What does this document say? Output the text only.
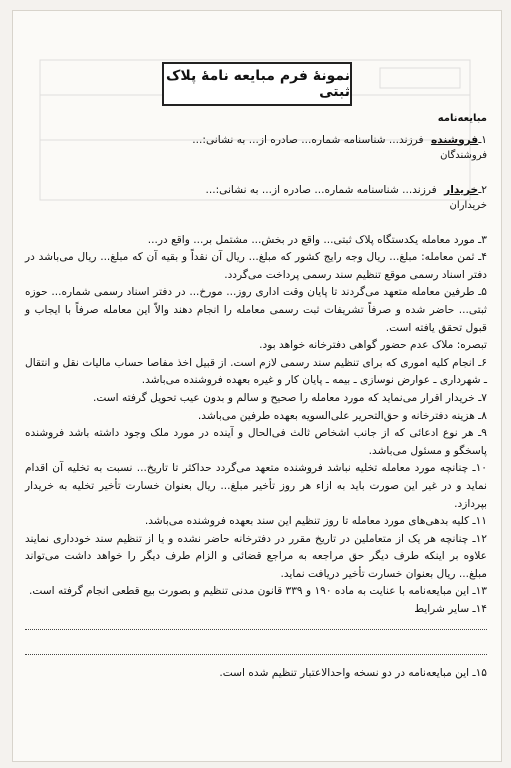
نمونهٔ فرم مبایعه نامهٔ پلاک ثبتی
مبایعه‌نامه
۱ـفروشنده فرزند... شناسنامه شماره... صادره از... به نشانی:...
فروشندگان
۲ـخریدار فرزند... شناسنامه شماره... صادره از... به نشانی:...
خریداران

۳ـ مورد معامله یکدستگاه پلاک ثبتی... واقع در بخش... مشتمل بر... واقع در...

۴ـ ثمن معامله: مبلغ... ریال وجه رایج کشور که مبلغ... ریال آن نقداً و بقیه آن که مبلغ... ریال می‌باشد در دفتر اسناد رسمی موقع تنظیم سند رسمی پرداخت می‌گردد.

۵ـ طرفین معامله متعهد می‌گردند تا پایان وقت اداری روز... مورخ... در دفتر اسناد رسمی شماره... حوزه ثبتی... حاضر شده و صرفاً تشریفات ثبت رسمی معامله را انجام دهند والاّ این معامله صرفاً با ایجاب و قبول تحقق یافته است.

تبصره: ملاک عدم حضور گواهی دفترخانه خواهد بود.

۶ـ انجام کلیه اموری که برای تنظیم سند رسمی لازم است. از قبیل اخذ مفاصا حساب مالیات نقل و انتقال ـ شهرداری ـ عوارض نوسازی ـ بیمه ـ پایان کار و غیره بعهده فروشنده می‌باشد.

۷ـ خریدار اقرار می‌نماید که مورد معامله را صحیح و سالم و بدون عیب تحویل گرفته است.

۸ـ هزینه دفترخانه و حق‌التحریر علی‌السویه بعهده طرفین می‌باشد.

۹ـ هر نوع ادعائی که از جانب اشخاص ثالث فی‌الحال و آینده در مورد ملک وجود داشته باشد فروشنده پاسخگو و مسئول می‌باشد.

۱۰ـ چنانچه مورد معامله تخلیه نباشد فروشنده متعهد می‌گردد حداکثر تا تاریخ... نسبت به تخلیه آن اقدام نماید و در غیر این صورت باید به ازاء هر روز تأخیر مبلغ... ریال بعنوان خسارت تأخیر تخلیه به خریدار بپردازد.

۱۱ـ کلیه بدهی‌های مورد معامله تا روز تنظیم این سند بعهده فروشنده می‌باشد.

۱۲ـ چنانچه هر یک از متعاملین در تاریخ مقرر در دفترخانه حاضر نشده و یا از تنظیم سند خودداری نمایند علاوه بر اینکه طرف دیگر حق مراجعه به مراجع قضائی و الزام طرف دیگر را خواهد داشت می‌تواند مبلغ... ریال بعنوان خسارت تأخیر دریافت نماید.

۱۳ـ این مبایعه‌نامه با عنایت به ماده ۱۹۰ و ۳۳۹ قانون مدنی تنظیم و بصورت بیع قطعی انجام گرفته است.

۱۴ـ سایر شرایط

۱۵ـ این مبایعه‌نامه در دو نسخه واحدالاعتبار تنظیم شده است.
